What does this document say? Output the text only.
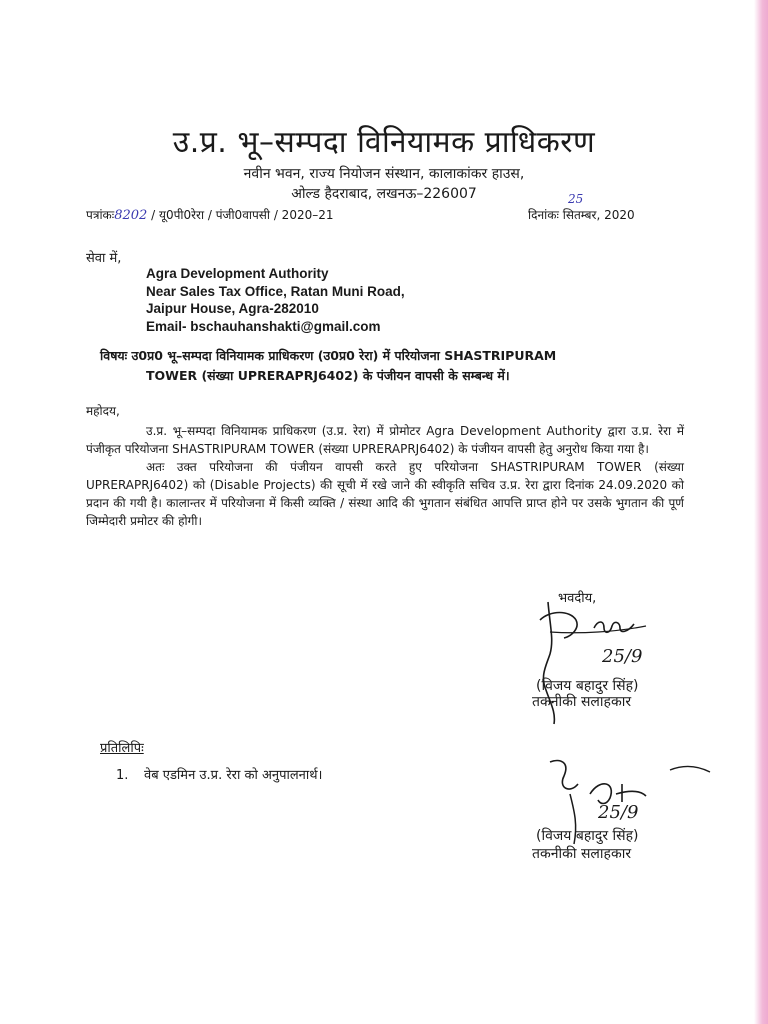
उ.प्र. भू–सम्पदा विनियामक प्राधिकरण
नवीन भवन, राज्य नियोजन संस्थान, कालाकांकर हाउस,
ओल्ड हैदराबाद, लखनऊ–226007
पत्रांकः8202 / यू0पी0रेरा / पंजी0वापसी / 2020–21
25
दिनांकः सितम्बर, 2020
सेवा में,
Agra Development Authority
Near Sales Tax Office, Ratan Muni Road,
Jaipur House, Agra-282010
Email- bschauhanshakti@gmail.com
विषयः उ0प्र0 भू–सम्पदा विनियामक प्राधिकरण (उ0प्र0 रेरा) में परियोजना SHASTRIPURAM
TOWER (संख्या UPRERAPRJ6402) के पंजीयन वापसी के सम्बन्ध में।

महोदय,

उ.प्र. भू–सम्पदा विनियामक प्राधिकरण (उ.प्र. रेरा) में प्रोमोटर Agra Development Authority द्वारा उ.प्र. रेरा में पंजीकृत परियोजना SHASTRIPURAM TOWER (संख्या UPRERAPRJ6402) के पंजीयन वापसी हेतु अनुरोध किया गया है।

अतः उक्त परियोजना की पंजीयन वापसी करते हुए परियोजना SHASTRIPURAM TOWER (संख्या UPRERAPRJ6402) को (Disable Projects) की सूची में रखे जाने की स्वीकृति सचिव उ.प्र. रेरा द्वारा दिनांक 24.09.2020 को प्रदान की गयी है। कालान्तर में परियोजना में किसी व्यक्ति / संस्था आदि की भुगतान संबंधित आपत्ति प्राप्त होने पर उसके भुगतान की पूर्ण जिम्मेदारी प्रमोटर की होगी।

भवदीय,
25/9
(विजय बहादुर सिंह)
तकनीकी सलाहकार
प्रतिलिपिः
1. वेब एडमिन उ.प्र. रेरा को अनुपालनार्थ।
25/9
(विजय बहादुर सिंह)
तकनीकी सलाहकार
